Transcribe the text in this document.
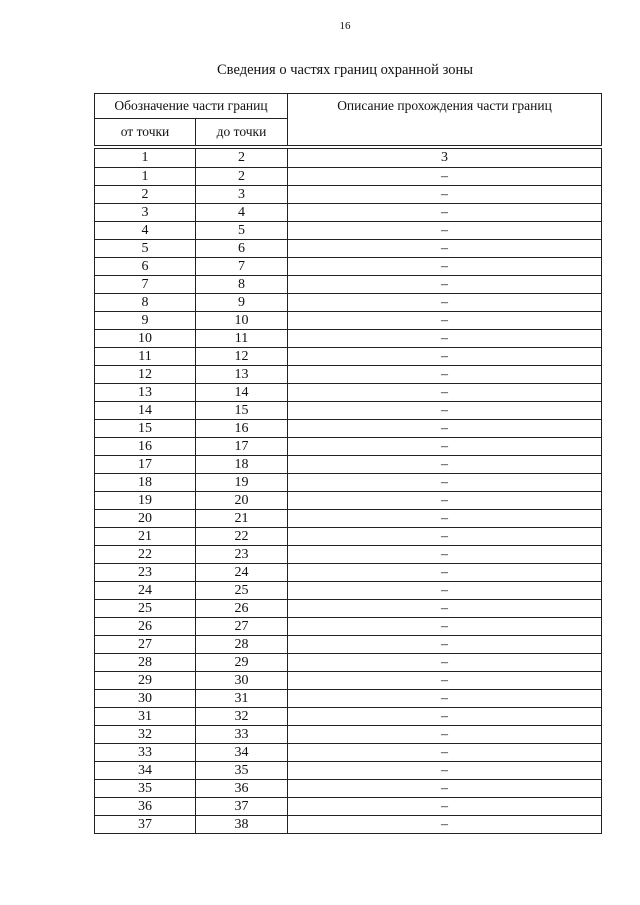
16
Сведения о частях границ охранной зоны
Обозначение части границ		Описание прохождения части границ
от точки	до точки	
1	2	3
1	2	–
2	3	–
3	4	–
4	5	–
5	6	–
6	7	–
7	8	–
8	9	–
9	10	–
10	11	–
11	12	–
12	13	–
13	14	–
14	15	–
15	16	–
16	17	–
17	18	–
18	19	–
19	20	–
20	21	–
21	22	–
22	23	–
23	24	–
24	25	–
25	26	–
26	27	–
27	28	–
28	29	–
29	30	–
30	31	–
31	32	–
32	33	–
33	34	–
34	35	–
35	36	–
36	37	–
37	38	–
